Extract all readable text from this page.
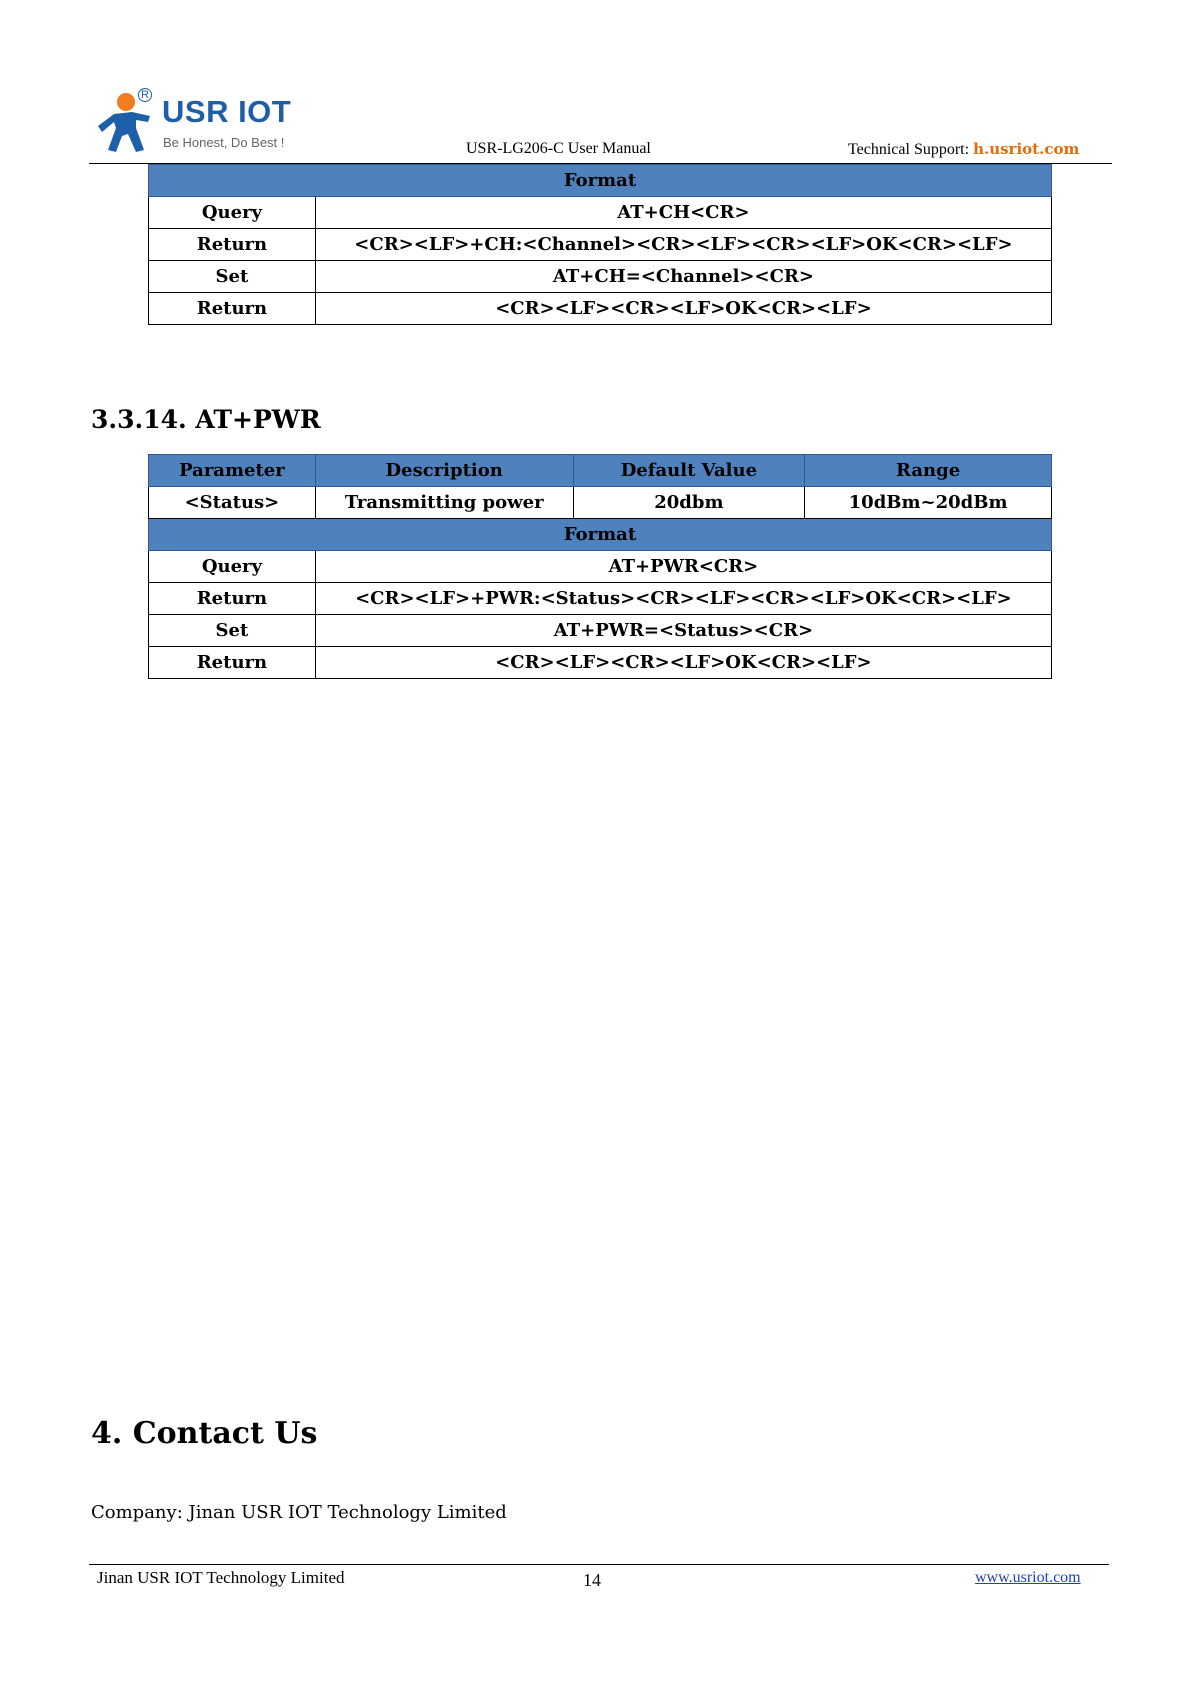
R USR IOT
Be Honest, Do Best !	USR-LG206-C User Manual	Technical Support: h.usriot.com
Format	
Query	AT+CH<CR>
Return	<CR><LF>+CH:<Channel><CR><LF><CR><LF>OK<CR><LF>
Set	AT+CH=<Channel><CR>
Return	<CR><LF><CR><LF>OK<CR><LF>
3.3.14. AT+PWR
Parameter	Description	Default Value	Range
<Status>	Transmitting power	20dbm	10dBm~20dBm
Format			
Query	AT+PWR<CR>		
Return	<CR><LF>+PWR:<Status><CR><LF><CR><LF>OK<CR><LF>		
Set	AT+PWR=<Status><CR>		
Return	<CR><LF><CR><LF>OK<CR><LF>		
4. Contact Us
Company: Jinan USR IOT Technology Limited
Jinan USR IOT Technology Limited	14	www.usriot.com
